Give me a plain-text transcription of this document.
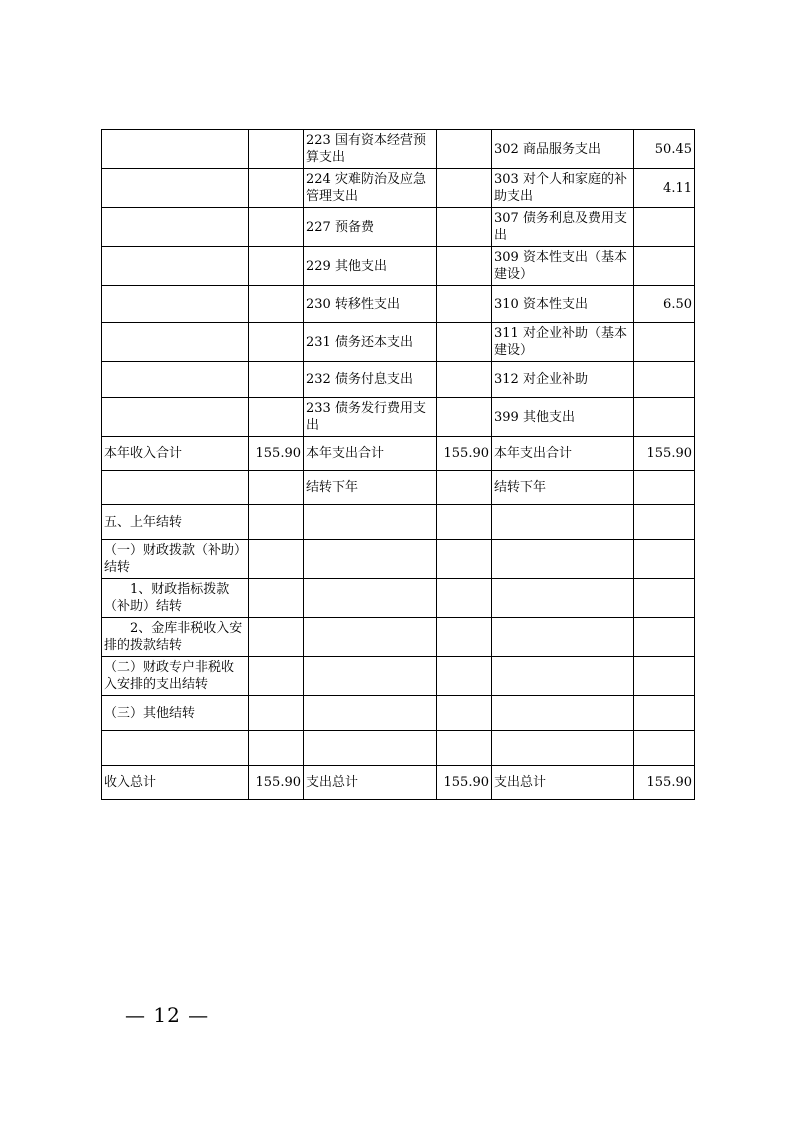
		223 国有资本经营预算支出		302 商品服务支出	50.45
		224 灾难防治及应急管理支出		303 对个人和家庭的补助支出	4.11
		227 预备费		307 债务利息及费用支出	
		229 其他支出		309 资本性支出（基本建设）	
		230 转移性支出		310 资本性支出	6.50
		231 债务还本支出		311 对企业补助（基本建设）	
		232 债务付息支出		312 对企业补助	
		233 债务发行费用支出		399 其他支出	
本年收入合计	155.90	本年支出合计	155.90	本年支出合计	155.90
		结转下年		结转下年	
五、上年结转					
（一）财政拨款（补助）结转					
1、财政指标拨款（补助）结转					
2、金库非税收入安排的拨款结转					
（二）财政专户非税收入安排的支出结转					
（三）其他结转					

收入总计	155.90	支出总计	155.90	支出总计	155.90
— 12 —
